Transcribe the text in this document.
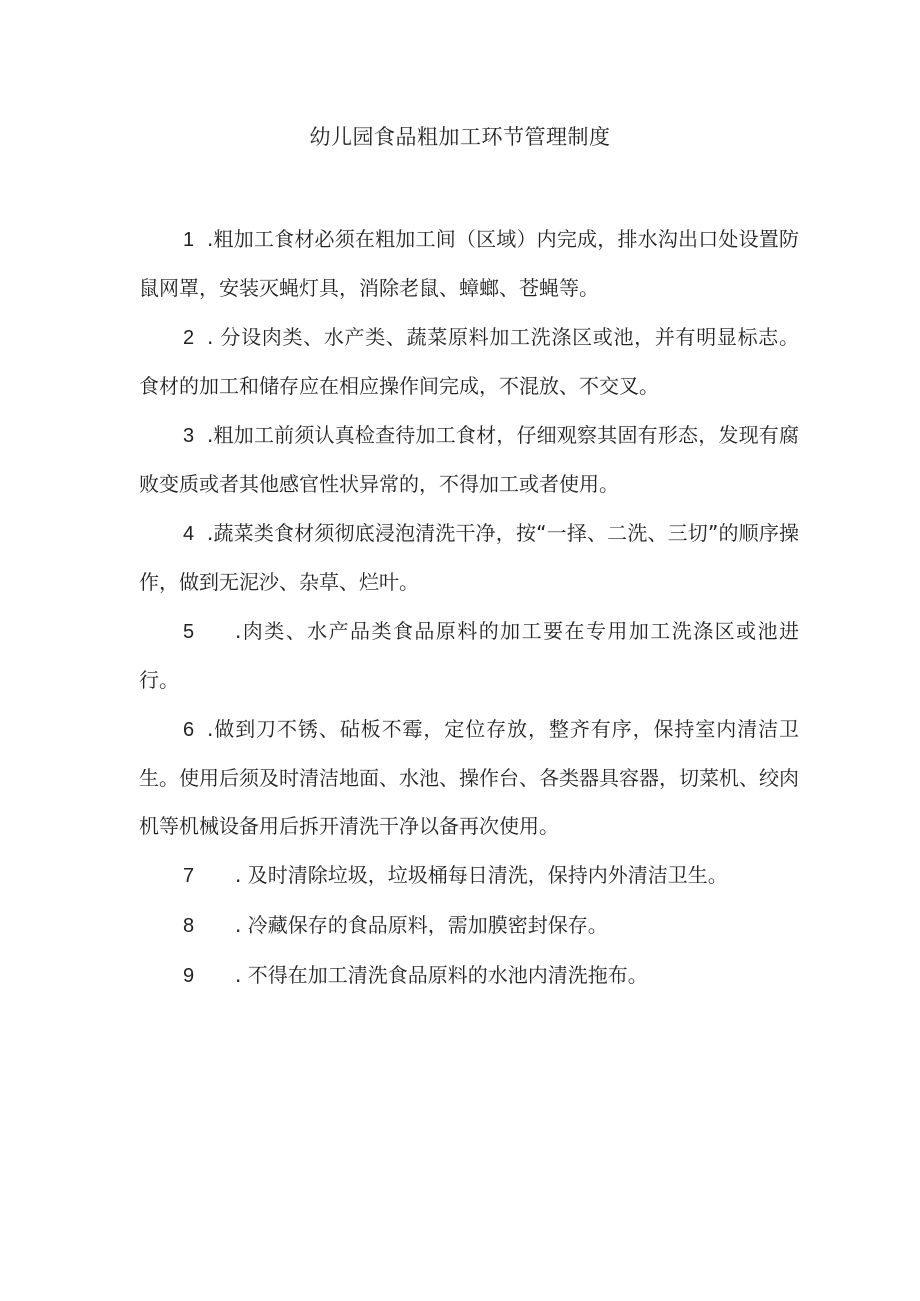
幼儿园食品粗加工环节管理制度
1 .粗加工食材必须在粗加工间（区域）内完成，排水沟出口处设置防鼠网罩，安装灭蝇灯具，消除老鼠、蟑螂、苍蝇等。
2 . 分设肉类、水产类、蔬菜原料加工洗涤区或池，并有明显标志。食材的加工和储存应在相应操作间完成，不混放、不交叉。
3 .粗加工前须认真检查待加工食材，仔细观察其固有形态，发现有腐败变质或者其他感官性状异常的，不得加工或者使用。
4 .蔬菜类食材须彻底浸泡清洗干净，按“一择、二洗、三切”的顺序操作，做到无泥沙、杂草、烂叶。
5 .肉类、水产品类食品原料的加工要在专用加工洗涤区或池进行。
6 .做到刀不锈、砧板不霉，定位存放，整齐有序，保持室内清洁卫生。使用后须及时清洁地面、水池、操作台、各类器具容器，切菜机、绞肉机等机械设备用后拆开清洗干净以备再次使用。
7 . 及时清除垃圾，垃圾桶每日清洗，保持内外清洁卫生。
8 . 冷藏保存的食品原料，需加膜密封保存。
9 . 不得在加工清洗食品原料的水池内清洗拖布。
